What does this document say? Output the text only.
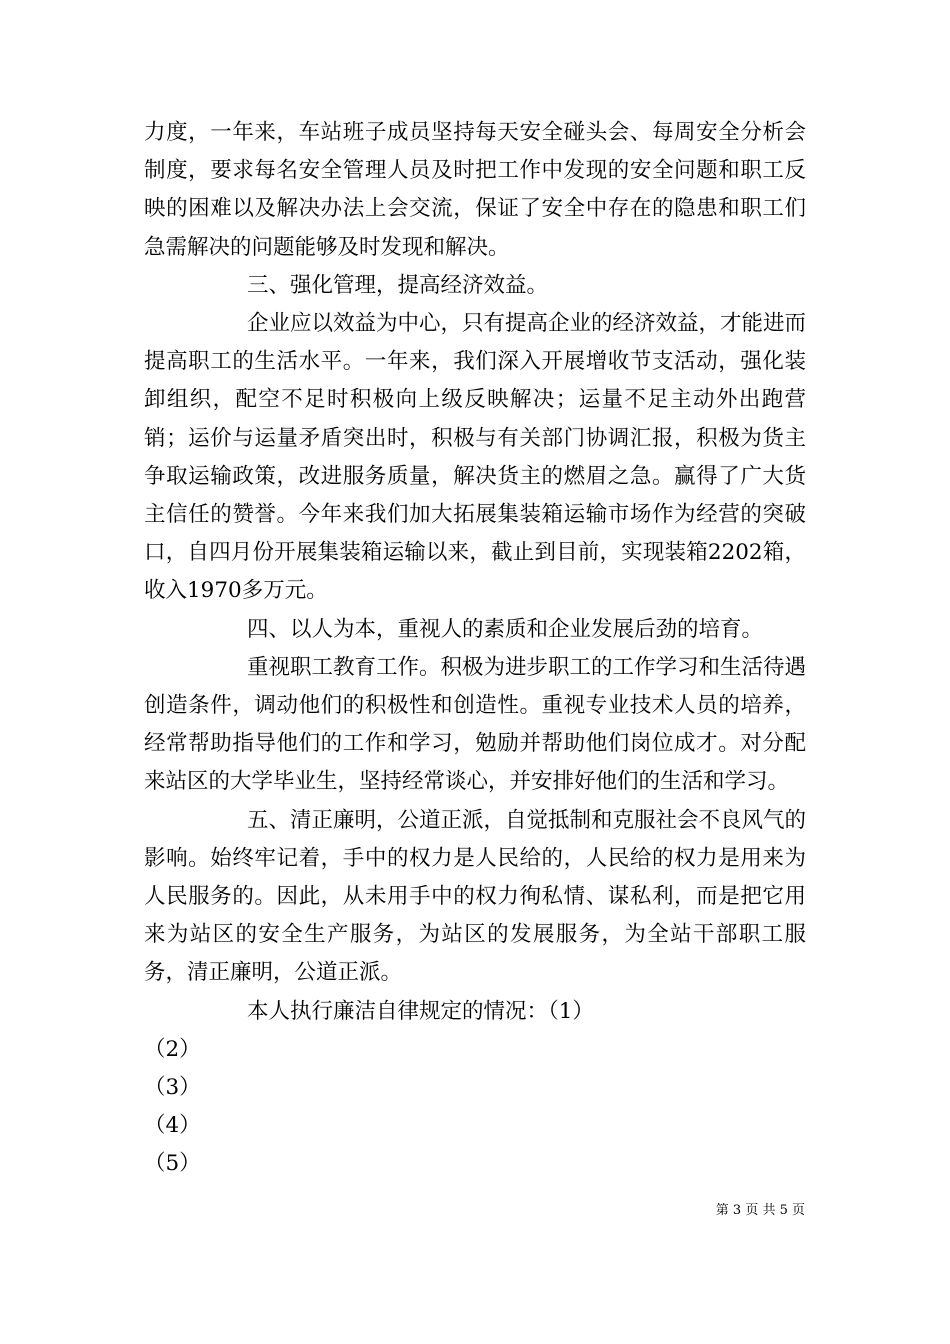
力度，一年来，车站班子成员坚持每天安全碰头会、每周安全分析会制度，要求每名安全管理人员及时把工作中发现的安全问题和职工反映的困难以及解决办法上会交流，保证了安全中存在的隐患和职工们急需解决的问题能够及时发现和解决。

三、强化管理，提高经济效益。

企业应以效益为中心，只有提高企业的经济效益，才能进而提高职工的生活水平。一年来，我们深入开展增收节支活动，强化装卸组织，配空不足时积极向上级反映解决；运量不足主动外出跑营销；运价与运量矛盾突出时，积极与有关部门协调汇报，积极为货主争取运输政策，改进服务质量，解决货主的燃眉之急。赢得了广大货主信任的赞誉。今年来我们加大拓展集装箱运输市场作为经营的突破口，自四月份开展集装箱运输以来，截止到目前，实现装箱2202箱，收入1970多万元。

四、以人为本，重视人的素质和企业发展后劲的培育。

重视职工教育工作。积极为进步职工的工作学习和生活待遇创造条件，调动他们的积极性和创造性。重视专业技术人员的培养，经常帮助指导他们的工作和学习，勉励并帮助他们岗位成才。对分配来站区的大学毕业生，坚持经常谈心，并安排好他们的生活和学习。

五、清正廉明，公道正派，自觉抵制和克服社会不良风气的影响。始终牢记着，手中的权力是人民给的，人民给的权力是用来为人民服务的。因此，从未用手中的权力徇私情、谋私利，而是把它用来为站区的安全生产服务，为站区的发展服务，为全站干部职工服务，清正廉明，公道正派。

本人执行廉洁自律规定的情况：（1）

（2）

（3）

（4）

（5）

第 3 页 共 5 页
